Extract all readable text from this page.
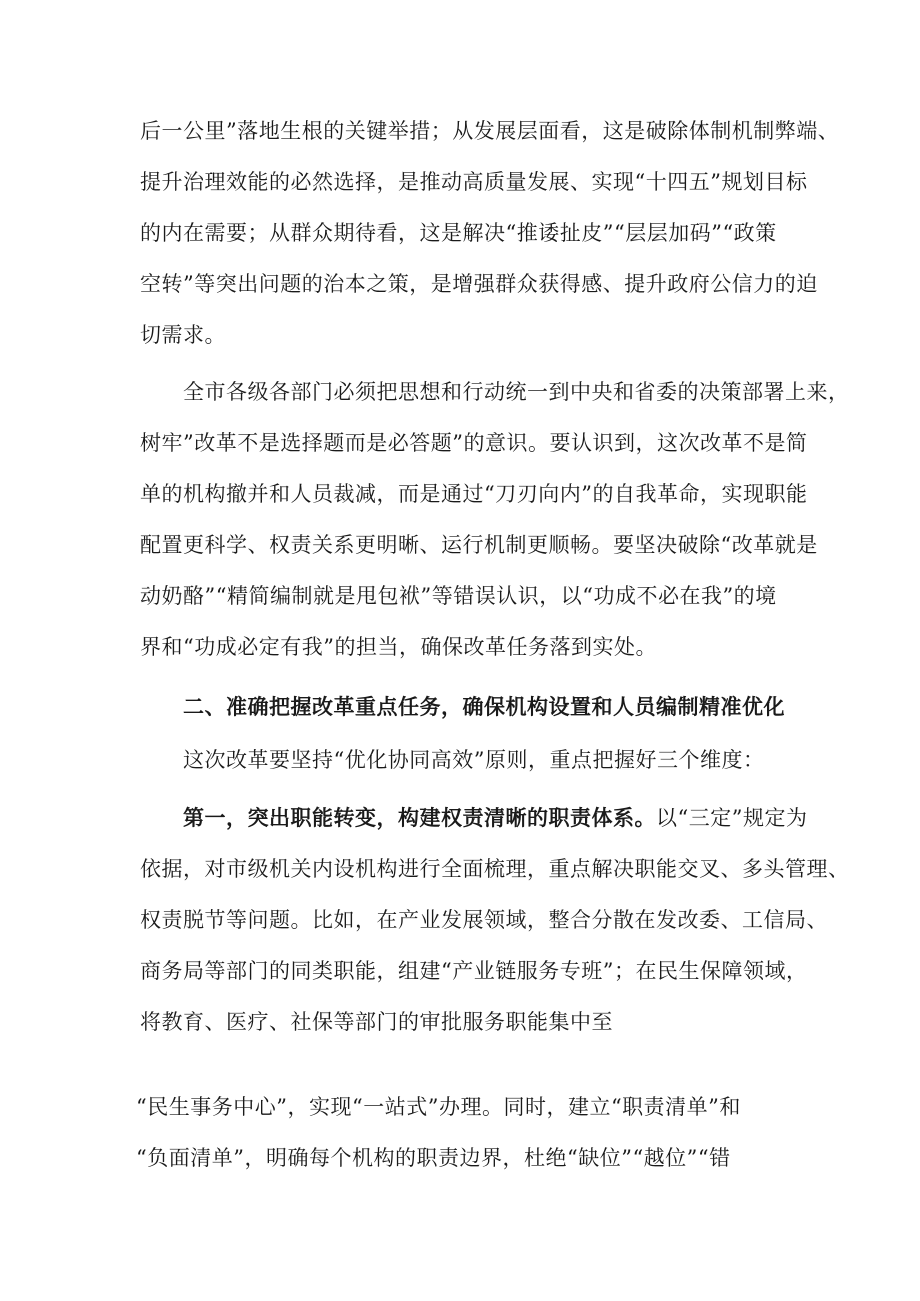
后一公里”落地生根的关键举措；从发展层面看，这是破除体制机制弊端、
提升治理效能的必然选择，是推动高质量发展、实现“十四五”规划目标
的内在需要；从群众期待看，这是解决“推诿扯皮”“层层加码”“政策
空转”等突出问题的治本之策，是增强群众获得感、提升政府公信力的迫
切需求。
全市各级各部门必须把思想和行动统一到中央和省委的决策部署上来，
树牢”改革不是选择题而是必答题”的意识。要认识到，这次改革不是简
单的机构撤并和人员裁减，而是通过“刀刃向内”的自我革命，实现职能
配置更科学、权责关系更明晰、运行机制更顺畅。要坚决破除“改革就是
动奶酪”“精简编制就是甩包袱”等错误认识，以“功成不必在我”的境
界和“功成必定有我”的担当，确保改革任务落到实处。
二、准确把握改革重点任务，确保机构设置和人员编制精准优化
这次改革要坚持“优化协同高效”原则，重点把握好三个维度：
第一，突出职能转变，构建权责清晰的职责体系。以“三定”规定为
依据，对市级机关内设机构进行全面梳理，重点解决职能交叉、多头管理、
权责脱节等问题。比如，在产业发展领域，整合分散在发改委、工信局、
商务局等部门的同类职能，组建“产业链服务专班”；在民生保障领域，
将教育、医疗、社保等部门的审批服务职能集中至
“民生事务中心”，实现“一站式”办理。同时，建立“职责清单”和
“负面清单”，明确每个机构的职责边界，杜绝“缺位”“越位”“错
